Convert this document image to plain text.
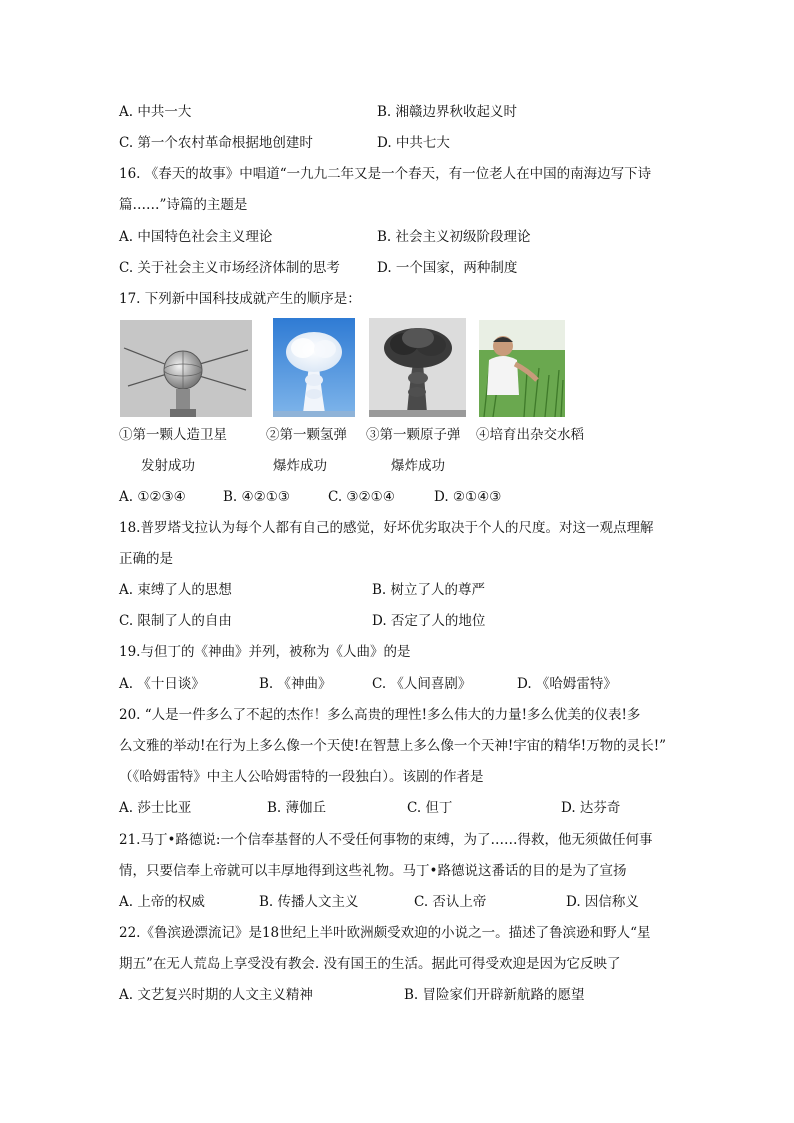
A. 中共一大	B. 湘赣边界秋收起义时
C. 第一个农村革命根据地创建时	D. 中共七大
16. 《春天的故事》中唱道“一九九二年又是一个春天，有一位老人在中国的南海边写下诗
篇……”诗篇的主题是
A. 中国特色社会主义理论	B. 社会主义初级阶段理论
C. 关于社会主义市场经济体制的思考	D. 一个国家，两种制度
17. 下列新中国科技成就产生的顺序是：
①第一颗人造卫星	②第一颗氢弹 ③第一颗原子弹 ④培育出杂交水稻
发射成功	爆炸成功	爆炸成功
A. ①②③④	B. ④②①③	C. ③②①④	D. ②①④③
18.普罗塔戈拉认为每个人都有自己的感觉，好坏优劣取决于个人的尺度。对这一观点理解
正确的是
A. 束缚了人的思想	B. 树立了人的尊严
C. 限制了人的自由	D. 否定了人的地位
19.与但丁的《神曲》并列，被称为《人曲》的是
A. 《十日谈》	B. 《神曲》	C. 《人间喜剧》	D. 《哈姆雷特》
20. “人是一件多么了不起的杰作！多么高贵的理性!多么伟大的力量!多么优美的仪表!多
么文雅的举动!在行为上多么像一个天使!在智慧上多么像一个天神!宇宙的精华!万物的灵长!”
（《哈姆雷特》中主人公哈姆雷特的一段独白）。该剧的作者是
A. 莎士比亚	B. 薄伽丘	C. 但丁	D. 达芬奇
21.马丁•路德说:一个信奉基督的人不受任何事物的束缚，为了……得救，他无须做任何事
情，只要信奉上帝就可以丰厚地得到这些礼物。马丁•路德说这番话的目的是为了宣扬
A. 上帝的权威	B. 传播人文主义	C. 否认上帝	D. 因信称义
22.《鲁滨逊漂流记》是18世纪上半叶欧洲颇受欢迎的小说之一。描述了鲁滨逊和野人“星
期五”在无人荒岛上享受没有教会. 没有国王的生活。据此可得受欢迎是因为它反映了
A. 文艺复兴时期的人文主义精神	B. 冒险家们开辟新航路的愿望
